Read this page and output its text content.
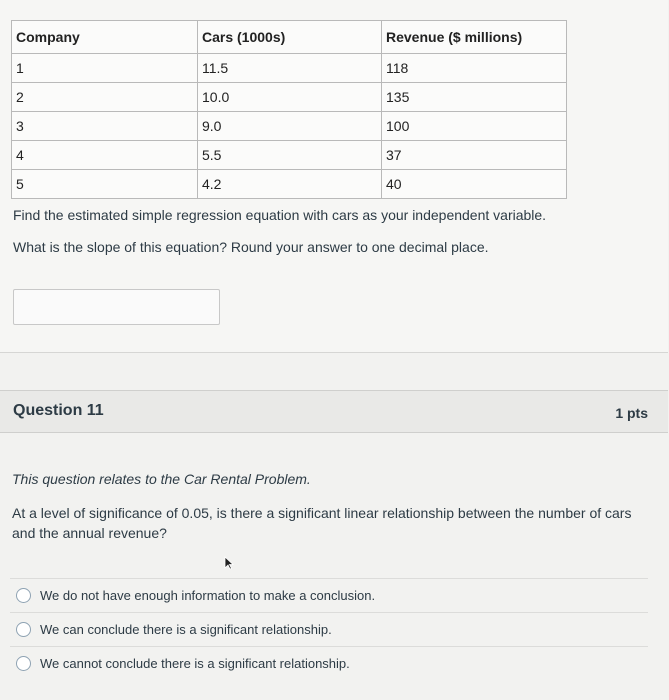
Company	Cars (1000s)	Revenue ($ millions)
1	11.5	118
2	10.0	135
3	9.0	100
4	5.5	37
5	4.2	40
Find the estimated simple regression equation with cars as your independent variable.
What is the slope of this equation? Round your answer to one decimal place.
Question 11	1 pts
This question relates to the Car Rental Problem.
At a level of significance of 0.05, is there a significant linear relationship between the number of cars and the annual revenue?
We do not have enough information to make a conclusion.
We can conclude there is a significant relationship.
We cannot conclude there is a significant relationship.
